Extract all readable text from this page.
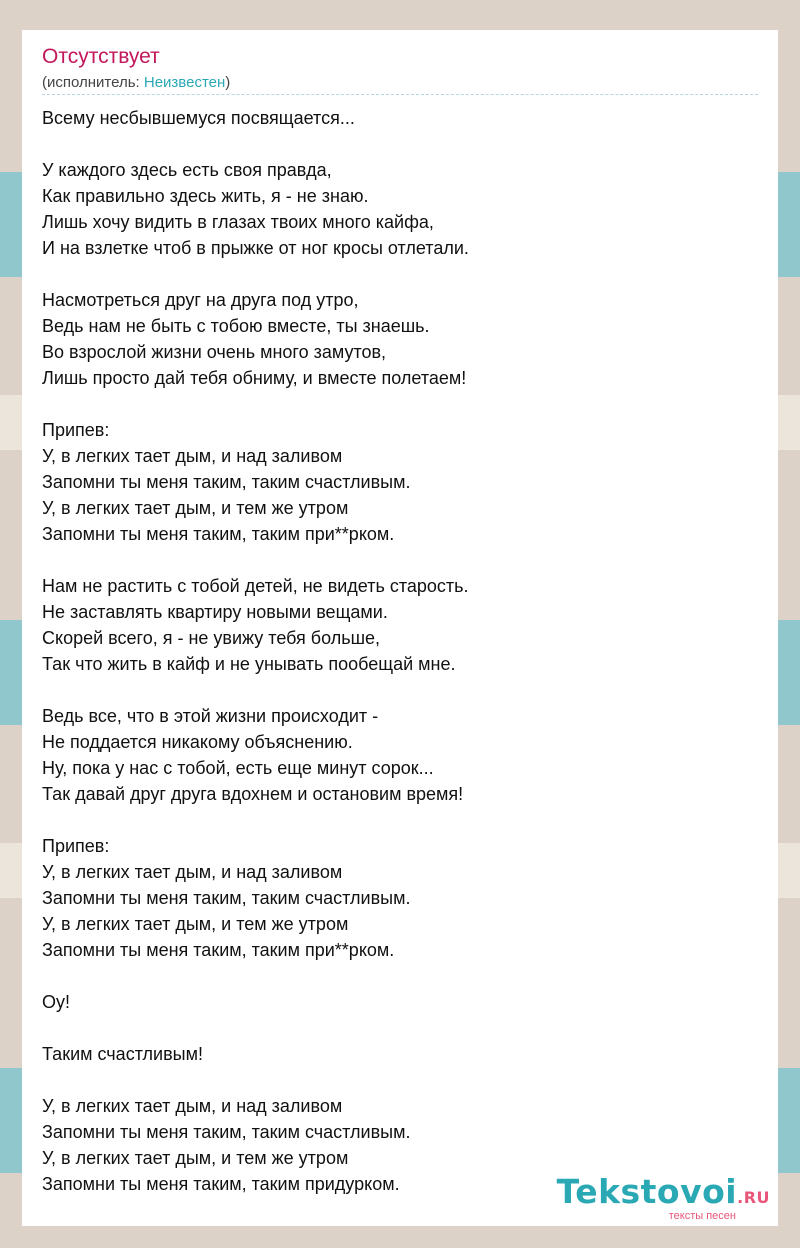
Отсутствует
(исполнитель: Неизвестен)
Всему несбывшемуся посвящается...
У каждого здесь есть своя правда,
Как правильно здесь жить, я - не знаю.
Лишь хочу видить в глазах твоих много кайфа,
И на взлетке чтоб в прыжке от ног кросы отлетали.
Насмотреться друг на друга под утро,
Ведь нам не быть с тобою вместе, ты знаешь.
Во взрослой жизни очень много замутов,
Лишь просто дай тебя обниму, и вместе полетаем!
Припев:
У, в легких тает дым, и над заливом
Запомни ты меня таким, таким счастливым.
У, в легких тает дым, и тем же утром
Запомни ты меня таким, таким при**рком.
Нам не растить с тобой детей, не видеть старость.
Не заставлять квартиру новыми вещами.
Скорей всего, я - не увижу тебя больше,
Так что жить в кайф и не унывать пообещай мне.
Ведь все, что в этой жизни происходит -
Не поддается никакому объяснению.
Ну, пока у нас с тобой, есть еще минут сорок...
Так давай друг друга вдохнем и остановим время!
Припев:
У, в легких тает дым, и над заливом
Запомни ты меня таким, таким счастливым.
У, в легких тает дым, и тем же утром
Запомни ты меня таким, таким при**рком.
Оу!
Таким счастливым!
У, в легких тает дым, и над заливом
Запомни ты меня таким, таким счастливым.
У, в легких тает дым, и тем же утром
Запомни ты меня таким, таким придурком.	Tekstovoi.RU
тексты песен
